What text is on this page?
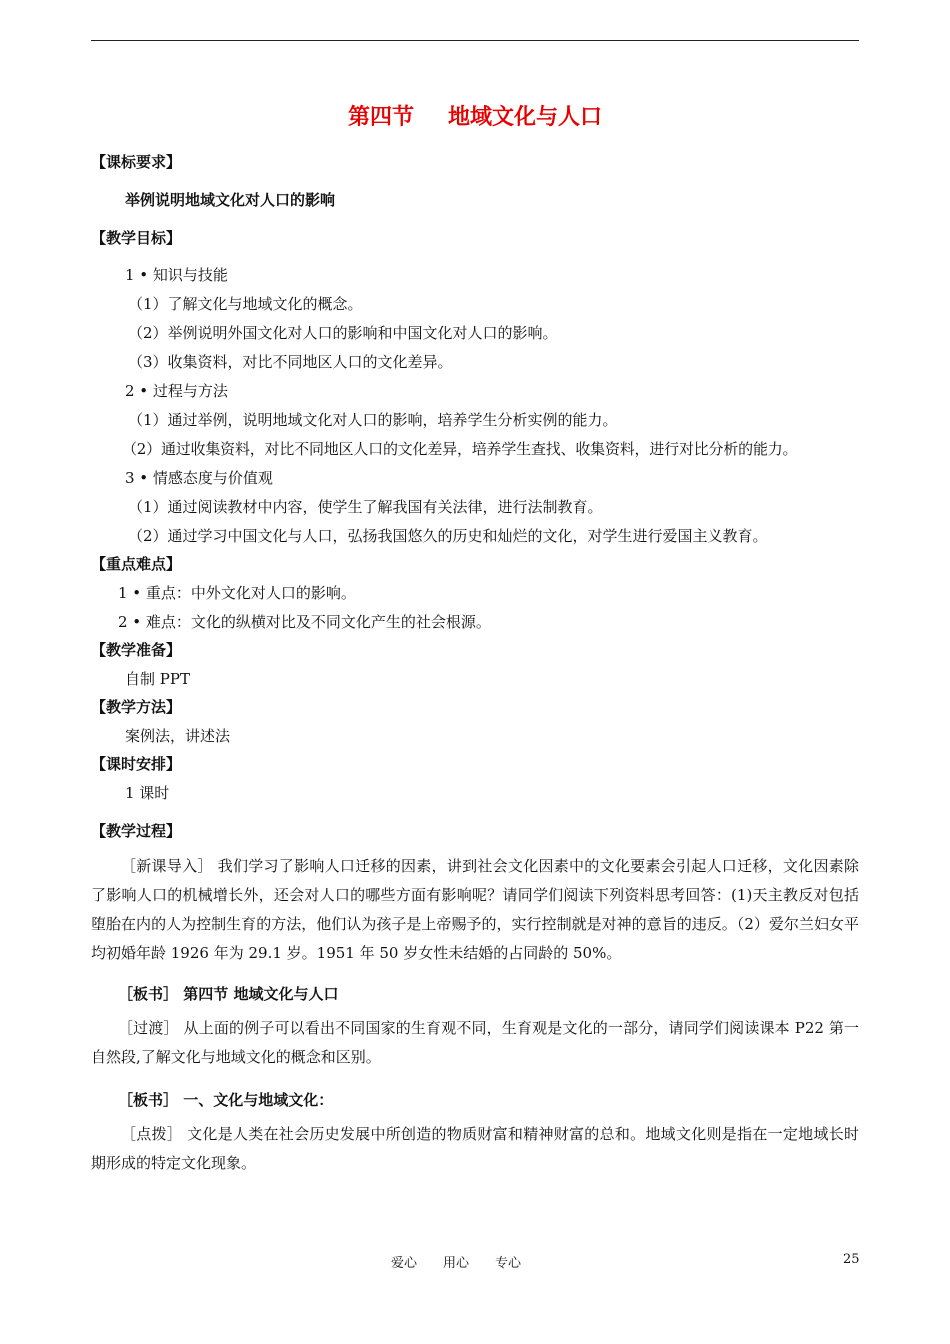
第四节 地域文化与人口
【课标要求】
举例说明地域文化对人口的影响
【教学目标】
1 • 知识与技能
（1）了解文化与地域文化的概念。
（2）举例说明外国文化对人口的影响和中国文化对人口的影响。
（3）收集资料，对比不同地区人口的文化差异。
2 • 过程与方法
（1）通过举例，说明地域文化对人口的影响，培养学生分析实例的能力。
（2）通过收集资料，对比不同地区人口的文化差异，培养学生查找、收集资料，进行对比分析的能力。
3 • 情感态度与价值观
（1）通过阅读教材中内容，使学生了解我国有关法律，进行法制教育。
（2）通过学习中国文化与人口，弘扬我国悠久的历史和灿烂的文化，对学生进行爱国主义教育。
【重点难点】
1 • 重点：中外文化对人口的影响。
2 • 难点：文化的纵横对比及不同文化产生的社会根源。
【教学准备】
自制 PPT
【教学方法】
案例法，讲述法
【课时安排】
1 课时
【教学过程】
［新课导入］ 我们学习了影响人口迁移的因素，讲到社会文化因素中的文化要素会引起人口迁移，文化因素除了影响人口的机械增长外，还会对人口的哪些方面有影响呢？请同学们阅读下列资料思考回答：(1)天主教反对包括堕胎在内的人为控制生育的方法，他们认为孩子是上帝赐予的，实行控制就是对神的意旨的违反。（2）爱尔兰妇女平均初婚年龄 1926 年为 29.1 岁。1951 年 50 岁女性未结婚的占同龄的 50%。
［板书］ 第四节 地域文化与人口
［过渡］ 从上面的例子可以看出不同国家的生育观不同，生育观是文化的一部分，请同学们阅读课本 P22 第一自然段,了解文化与地域文化的概念和区别。
［板书］ 一、文化与地域文化：
［点拨］ 文化是人类在社会历史发展中所创造的物质财富和精神财富的总和。地域文化则是指在一定地域长时期形成的特定文化现象。
爱心　　用心　　专心	25
